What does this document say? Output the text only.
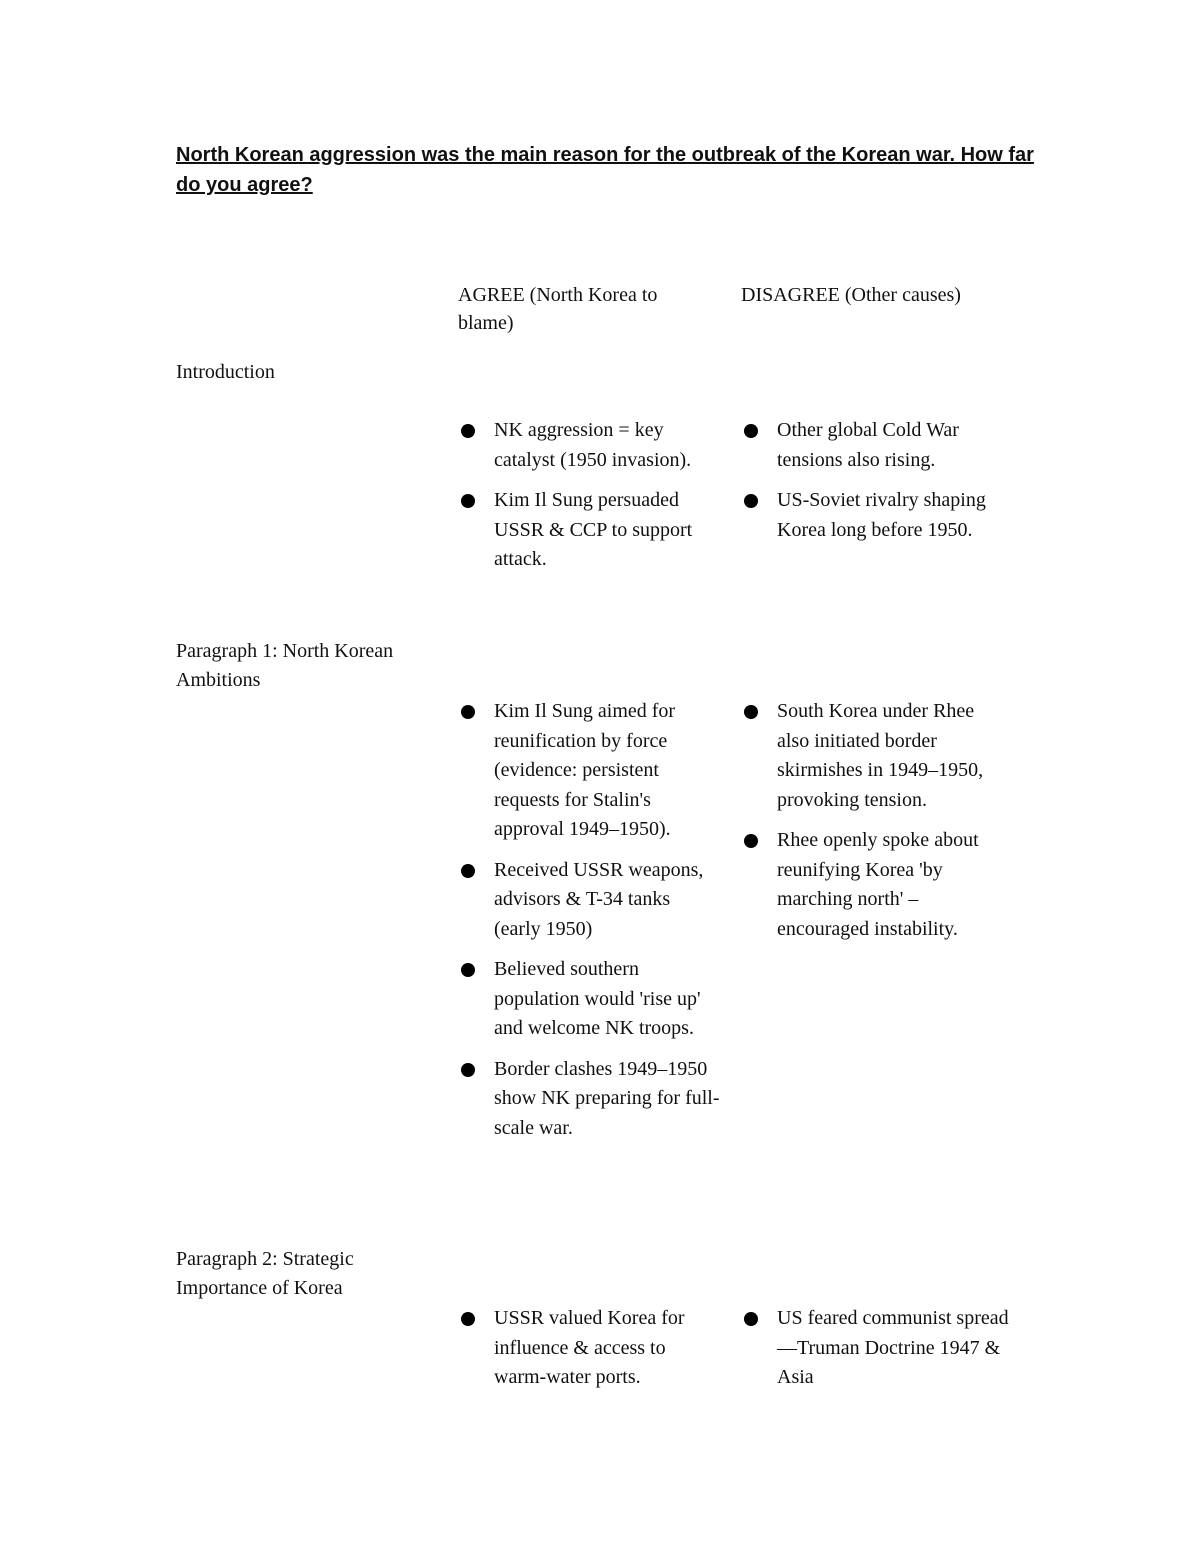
North Korean aggression was the main reason for the outbreak of the Korean war. How far do you agree?

AGREE (North Korea to blame)

DISAGREE (Other causes)

Introduction

NK aggression = key catalyst (1950 invasion).
Kim Il Sung persuaded USSR & CCP to support attack.
Other global Cold War tensions also rising.
US-Soviet rivalry shaping Korea long before 1950.

Paragraph 1: North Korean Ambitions

Kim Il Sung aimed for reunification by force (evidence: persistent requests for Stalin's approval 1949–1950).
Received USSR weapons, advisors & T-34 tanks (early 1950)
Believed southern population would 'rise up' and welcome NK troops.
Border clashes 1949–1950 show NK preparing for full-scale war.
South Korea under Rhee also initiated border skirmishes in 1949–1950, provoking tension.
Rhee openly spoke about reunifying Korea 'by marching north' – encouraged instability.

Paragraph 2: Strategic Importance of Korea

USSR valued Korea for influence & access to warm-water ports.
US feared communist spread—Truman Doctrine 1947 & Asia
